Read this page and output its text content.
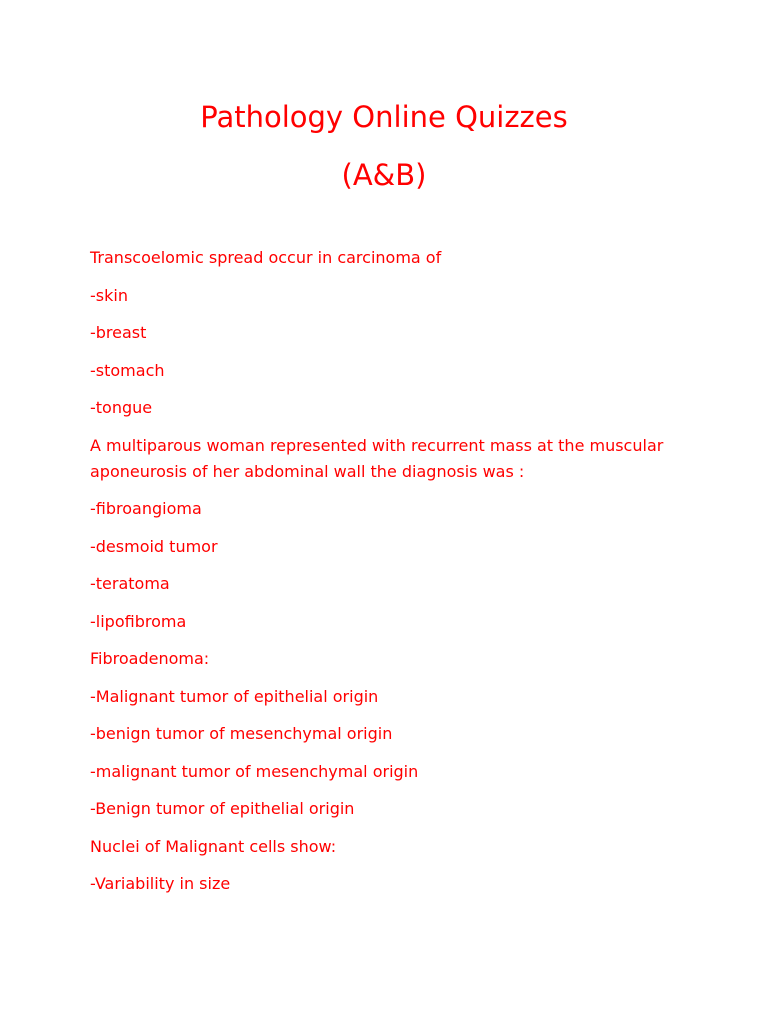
Pathology Online Quizzes
(A&B)

Transcoelomic spread occur in carcinoma of

-skin

-breast

-stomach

-tongue

A multiparous woman represented with recurrent mass at the muscular
aponeurosis of her abdominal wall the diagnosis was :

-fibroangioma

-desmoid tumor

-teratoma

-lipofibroma

Fibroadenoma:

-Malignant tumor of epithelial origin

-benign tumor of mesenchymal origin

-malignant tumor of mesenchymal origin

-Benign tumor of epithelial origin

Nuclei of Malignant cells show:

-Variability in size
